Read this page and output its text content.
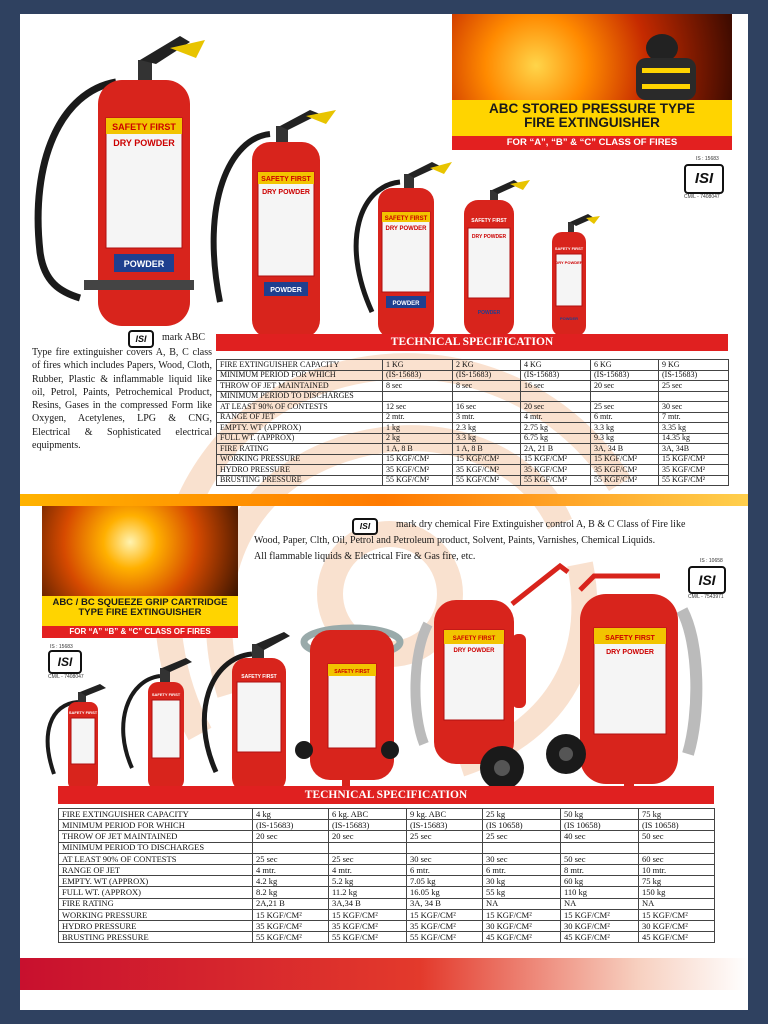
ABC STORED PRESSURE TYPE
FIRE EXTINGUISHER
FOR “A”, “B” & “C” CLASS OF FIRES
IS : 15683
ISI
CM/L - 7408047
SAFETY FIRST
DRY POWDER
POWDER
SAFETY FIRST
DRY POWDER
POWDER
SAFETY FIRST
DRY POWDER
POWDER
SAFETY FIRST
DRY POWDER
POWDER
SAFETY FIRST
DRY POWDER
POWDER
ISI	mark ABC
Type fire extinguisher covers A, B, C class of fires which includes Papers, Wood, Cloth, Rubber, Plastic & inflammable liquid like oil, Petrol, Paints, Petrochemical Product, Resins, Gases in the compressed Form like Oxygen, Acetylenes, LPG & CNG, Electrical & Sophisticated electrical equipments.
TECHNICAL SPECIFICATION
FIRE EXTINGUISHER CAPACITY	1 KG	2 KG	4 KG	6 KG	9 KG
MINIMUM PERIOD FOR WHICH	(IS-15683)	(IS-15683)	(IS-15683)	(IS-15683)	(IS-15683)
THROW OF JET MAINTAINED	8 sec	8 sec	16 sec	20 sec	25 sec
MINIMUM PERIOD TO DISCHARGES					
AT LEAST 90% OF CONTESTS	12 sec	16 sec	20 sec	25 sec	30 sec
RANGE OF JET	2 mtr.	3 mtr.	4 mtr.	6 mtr.	7 mtr.
EMPTY. WT (APPROX)	1 kg	2.3 kg	2.75 kg	3.3 kg	3.35 kg
FULL WT. (APPROX)	2 kg	3.3 kg	6.75 kg	9.3 kg	14.35 kg
FIRE RATING	1 A, 8 B	1 A, 8 B	2A, 21 B	3A, 34 B	3A, 34B
WORKING PRESSURE	15 KGF/CM²	15 KGF/CM²	15 KGF/CM²	15 KGF/CM²	15 KGF/CM²
HYDRO PRESSURE	35 KGF/CM²	35 KGF/CM²	35 KGF/CM²	35 KGF/CM²	35 KGF/CM²
BRUSTING PRESSURE	55 KGF/CM²	55 KGF/CM²	55 KGF/CM²	55 KGF/CM²	55 KGF/CM²
ABC / BC SQUEEZE GRIP CARTRIDGE
TYPE FIRE EXTINGUISHER
FOR “A” “B” & “C” CLASS OF FIRES
IS : 15683
ISI
CM/L - 7408047
IS : 10658
ISI
CM/L - 7543971
ISI	mark dry chemical Fire Extinguisher control A, B & C Class of Fire like
Wood, Paper, Clth, Oil, Petrol and Petroleum product, Solvent, Paints, Varnishes, Chemical Liquids.
All flammable liquids & Electrical Fire & Gas fire, etc.
SAFETY FIRST
SAFETY FIRST
SAFETY FIRST
SAFETY FIRST
SAFETY FIRST
DRY POWDER
SAFETY FIRST
DRY POWDER
TECHNICAL SPECIFICATION
FIRE EXTINGUISHER CAPACITY	4 kg	6 kg. ABC	9 kg. ABC	25 kg	50 kg	75 kg
MINIMUM PERIOD FOR WHICH	(IS-15683)	(IS-15683)	(IS-15683)	(IS 10658)	(IS 10658)	(IS 10658)
THROW OF JET MAINTAINED	20 sec	20 sec	25 sec	25 sec	40 sec	50 sec
MINIMUM PERIOD TO DISCHARGES						
AT LEAST 90% OF CONTESTS	25 sec	25 sec	30 sec	30 sec	50 sec	60 sec
RANGE OF JET	4 mtr.	4 mtr.	6 mtr.	6 mtr.	8 mtr.	10 mtr.
EMPTY. WT (APPROX)	4.2 kg	5.2 kg	7.05 kg	30 kg	60 kg	75 kg
FULL WT. (APPROX)	8.2 kg	11.2 kg	16.05 kg	55 kg	110 kg	150 kg
FIRE RATING	2A,21 B	3A,34 B	3A, 34 B	NA	NA	NA
WORKING PRESSURE	15 KGF/CM²	15 KGF/CM²	15 KGF/CM²	15 KGF/CM²	15 KGF/CM²	15 KGF/CM²
HYDRO PRESSURE	35 KGF/CM²	35 KGF/CM²	35 KGF/CM²	30 KGF/CM²	30 KGF/CM²	30 KGF/CM²
BRUSTING PRESSURE	55 KGF/CM²	55 KGF/CM²	55 KGF/CM²	45 KGF/CM²	45 KGF/CM²	45 KGF/CM²
